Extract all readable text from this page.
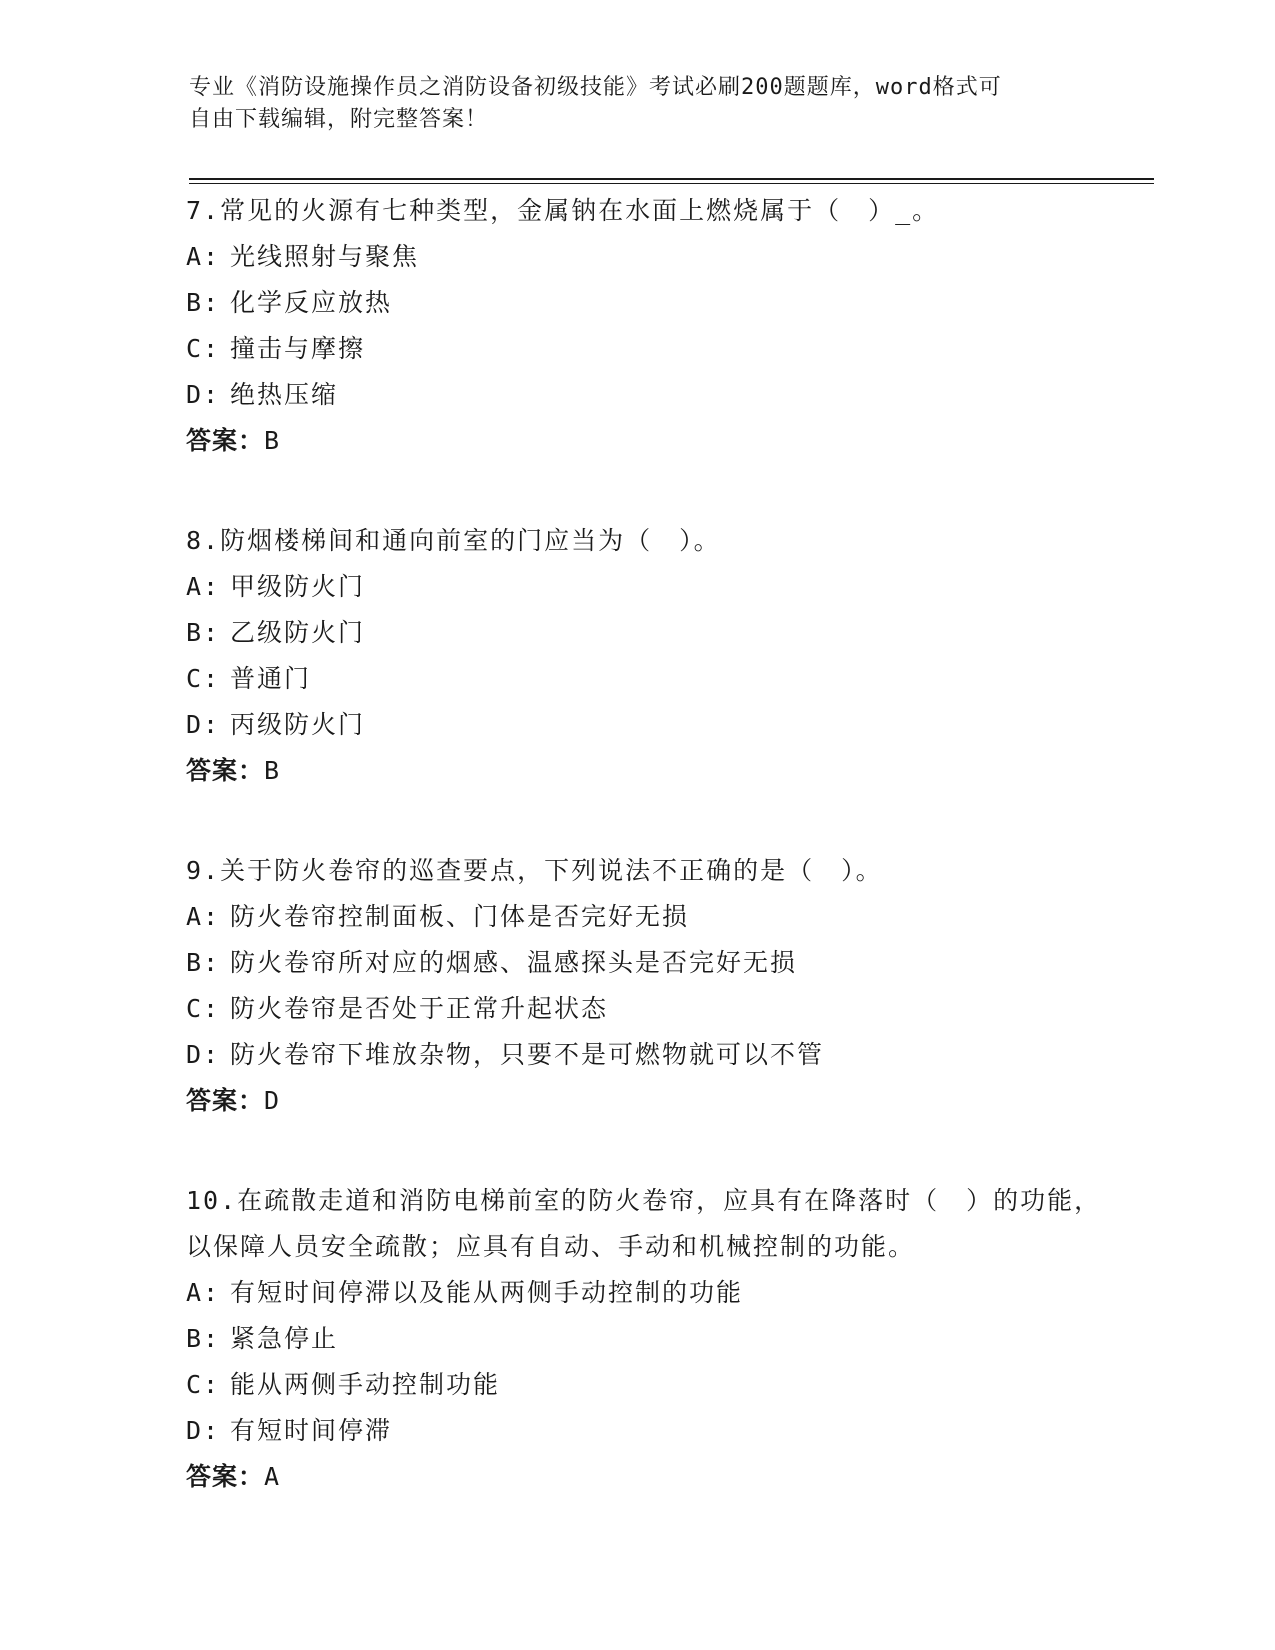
专业《消防设施操作员之消防设备初级技能》考试必刷200题题库，word格式可
自由下载编辑，附完整答案！
7.常见的火源有七种类型，金属钠在水面上燃烧属于（　）_。
A: 光线照射与聚焦
B: 化学反应放热
C: 撞击与摩擦
D: 绝热压缩
答案：B
8.防烟楼梯间和通向前室的门应当为（　）。
A: 甲级防火门
B: 乙级防火门
C: 普通门
D: 丙级防火门
答案：B
9.关于防火卷帘的巡查要点，下列说法不正确的是（　）。
A: 防火卷帘控制面板、门体是否完好无损
B: 防火卷帘所对应的烟感、温感探头是否完好无损
C: 防火卷帘是否处于正常升起状态
D: 防火卷帘下堆放杂物，只要不是可燃物就可以不管
答案：D
10.在疏散走道和消防电梯前室的防火卷帘，应具有在降落时（　）的功能，以保障人员安全疏散；应具有自动、手动和机械控制的功能。
A: 有短时间停滞以及能从两侧手动控制的功能
B: 紧急停止
C: 能从两侧手动控制功能
D: 有短时间停滞
答案：A
